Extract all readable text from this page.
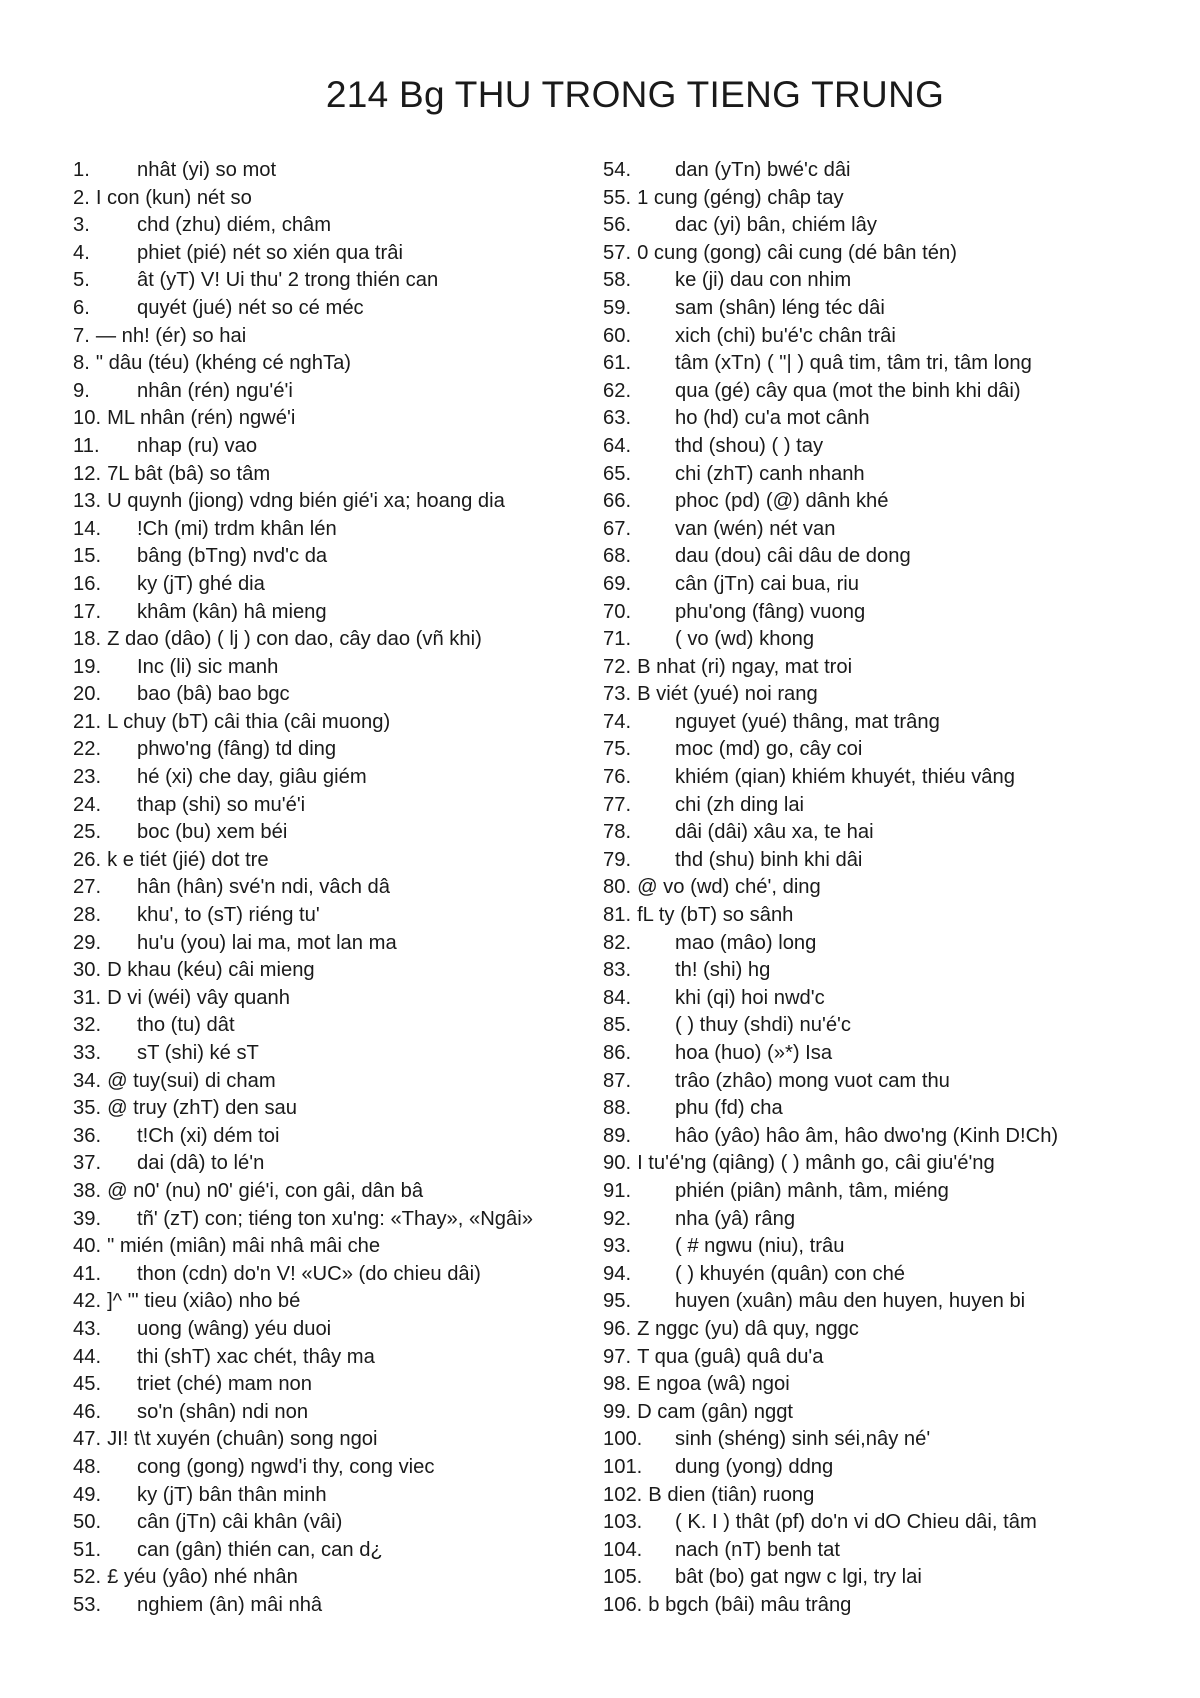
214 Bg THU TRONG TIENG TRUNG
1.	nhât (yi) so mot
2. I con (kun) nét so
3.	chd (zhu) diém, châm
4.	phiet (pié) nét so xién qua trâi
5.	ât (yT) V! Ui thu' 2 trong thién can
6.	quyét (jué) nét so cé méc
7. — nh! (ér) so hai
8. " dâu (téu) (khéng cé nghTa)
9.	nhân (rén) ngu'é'i
10. ML nhân (rén) ngwé'i
11.	nhap (ru) vao
12. 7L bât (bâ) so tâm
13. U quynh (jiong) vdng bién gié'i xa; hoang dia
14.	!Ch (mi) trdm khân lén
15.	bâng (bTng) nvd'c da
16.	ky (jT) ghé dia
17.	khâm (kân) hâ mieng
18. Z dao (dâo) ( lj ) con dao, cây dao (vñ khi)
19.	Inc (li) sic manh
20.	bao (bâ) bao bgc
21. L chuy (bT) câi thia (câi muong)
22.	phwo'ng (fâng) td ding
23.	hé (xi) che day, giâu giém
24.	thap (shi) so mu'é'i
25.	boc (bu) xem béi
26. k e tiét (jié) dot tre
27.	hân (hân) své'n ndi, vâch dâ
28.	khu', to (sT) riéng tu'
29.	hu'u (you) lai ma, mot lan ma
30. D khau (kéu) câi mieng
31. D vi (wéi) vây quanh
32.	tho (tu) dât
33.	sT (shi) ké sT
34. @ tuy(sui) di cham
35. @ truy (zhT) den sau
36.	t!Ch (xi) dém toi
37.	dai (dâ) to lé'n
38. @ n0' (nu) n0' gié'i, con gâi, dân bâ
39.	tñ' (zT) con; tiéng ton xu'ng: «Thay», «Ngâi»
40. " mién (miân) mâi nhâ mâi che
41.	thon (cdn) do'n V! «UC» (do chieu dâi)
42. ]^ "' tieu (xiâo) nho bé
43.	uong (wâng) yéu duoi
44.	thi (shT) xac chét, thây ma
45.	triet (ché) mam non
46.	so'n (shân) ndi non
47. JI! t\t xuyén (chuân) song ngoi
48.	cong (gong) ngwd'i thy, cong viec
49.	ky (jT) bân thân minh
50.	cân (jTn) câi khân (vâi)
51.	can (gân) thién can, can d¿
52. £ yéu (yâo) nhé nhân
53.	nghiem (ân) mâi nhâ
54.	dan (yTn) bwé'c dâi
55. 1 cung (géng) châp tay
56.	dac (yi) bân, chiém lây
57. 0 cung (gong) câi cung (dé bân tén)
58.	ke (ji) dau con nhim
59.	sam (shân) léng téc dâi
60.	xich (chi) bu'é'c chân trâi
61.	tâm (xTn) ( "| ) quâ tim, tâm tri, tâm long
62.	qua (gé) cây qua (mot the binh khi dâi)
63.	ho (hd) cu'a mot cânh
64.	thd (shou) ( ) tay
65.	chi (zhT) canh nhanh
66.	phoc (pd) (@) dânh khé
67.	van (wén) nét van
68.	dau (dou) câi dâu de dong
69.	cân (jTn) cai bua, riu
70.	phu'ong (fâng) vuong
71.	( vo (wd) khong
72. B nhat (ri) ngay, mat troi
73. B viét (yué) noi rang
74.	nguyet (yué) thâng, mat trâng
75.	moc (md) go, cây coi
76.	khiém (qian) khiém khuyét, thiéu vâng
77.	chi (zh ding lai
78.	dâi (dâi) xâu xa, te hai
79.	thd (shu) binh khi dâi
80. @ vo (wd) ché', ding
81. fL ty (bT) so sânh
82.	mao (mâo) long
83.	th! (shi) hg
84.	khi (qi) hoi nwd'c
85.	( ) thuy (shdi) nu'é'c
86.	hoa (huo) (»*) Isa
87.	trâo (zhâo) mong vuot cam thu
88.	phu (fd) cha
89.	hâo (yâo) hâo âm, hâo dwo'ng (Kinh D!Ch)
90. I tu'é'ng (qiâng) ( ) mânh go, câi giu'é'ng
91.	phién (piân) mânh, tâm, miéng
92.	nha (yâ) râng
93.	( # ngwu (niu), trâu
94.	( ) khuyén (quân) con ché
95.	huyen (xuân) mâu den huyen, huyen bi
96. Z nggc (yu) dâ quy, nggc
97. T qua (guâ) quâ du'a
98. E ngoa (wâ) ngoi
99. D cam (gân) nggt
100.	sinh (shéng) sinh séi,nây né'
101.	dung (yong) ddng
102. B dien (tiân) ruong
103.	( K. I ) thât (pf) do'n vi dO Chieu dâi, tâm
104.	nach (nT) benh tat
105.	bât (bo) gat ngw c lgi, try lai
106. b bgch (bâi) mâu trâng
